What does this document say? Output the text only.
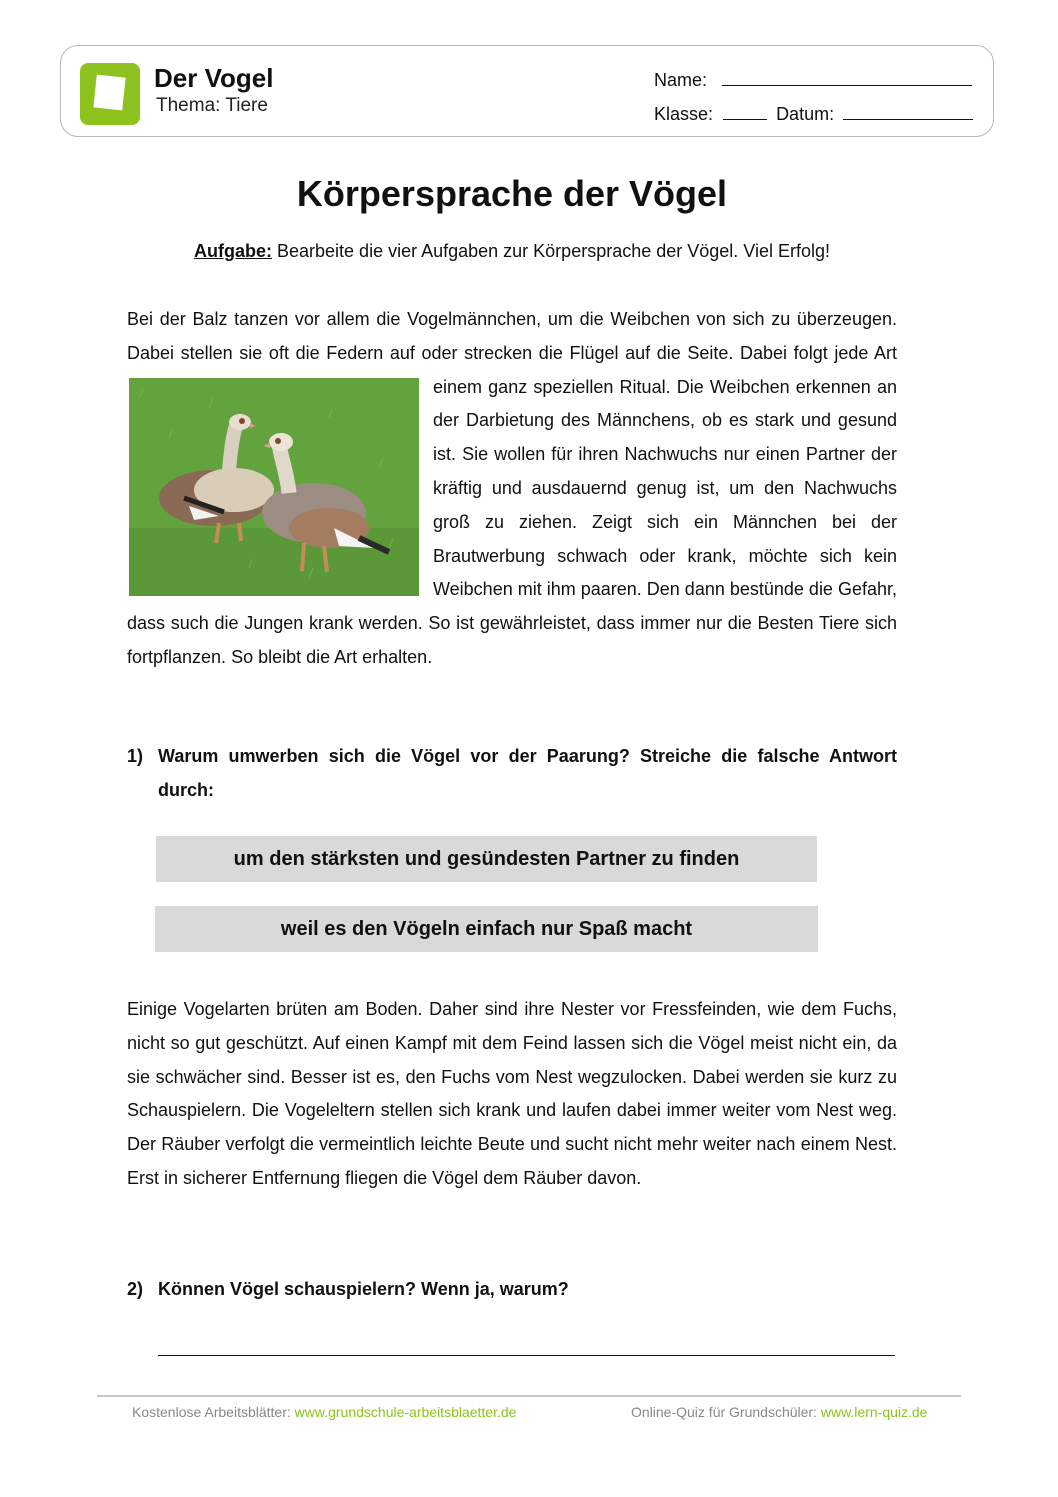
Der Vogel
Thema: Tiere
Name:
Klasse:	Datum:
Körpersprache der Vögel
Aufgabe: Bearbeite die vier Aufgaben zur Körpersprache der Vögel. Viel Erfolg!
Bei der Balz tanzen vor allem die Vogelmännchen, um die Weibchen von sich zu überzeugen. Dabei stellen sie oft die Federn auf oder strecken die Flügel auf die Seite. Dabei folgt jede Art einem ganz speziellen Ritual. Die Weibchen erkennen an der Darbietung des Männchens, ob es stark und gesund ist. Sie wollen für ihren Nachwuchs nur einen Partner der kräftig und ausdauernd genug ist, um den Nachwuchs groß zu ziehen. Zeigt sich ein Männchen bei der Brautwerbung schwach oder krank, möchte sich kein Weibchen mit ihm paaren. Den dann bestünde die Gefahr, dass such die Jungen krank werden. So ist gewährleistet, dass immer nur die Besten Tiere sich fortpflanzen. So bleibt die Art erhalten.
1) Warum umwerben sich die Vögel vor der Paarung? Streiche die falsche Antwort durch:
um den stärksten und gesündesten Partner zu finden
weil es den Vögeln einfach nur Spaß macht
Einige Vogelarten brüten am Boden. Daher sind ihre Nester vor Fressfeinden, wie dem Fuchs, nicht so gut geschützt. Auf einen Kampf mit dem Feind lassen sich die Vögel meist nicht ein, da sie schwächer sind. Besser ist es, den Fuchs vom Nest wegzulocken. Dabei werden sie kurz zu Schauspielern. Die Vogeleltern stellen sich krank und laufen dabei immer weiter vom Nest weg. Der Räuber verfolgt die vermeintlich leichte Beute und sucht nicht mehr weiter nach einem Nest. Erst in sicherer Entfernung fliegen die Vögel dem Räuber davon.
2) Können Vögel schauspielern? Wenn ja, warum?
Kostenlose Arbeitsblätter: www.grundschule-arbeitsblaetter.de	Online-Quiz für Grundschüler: www.lern-quiz.de
